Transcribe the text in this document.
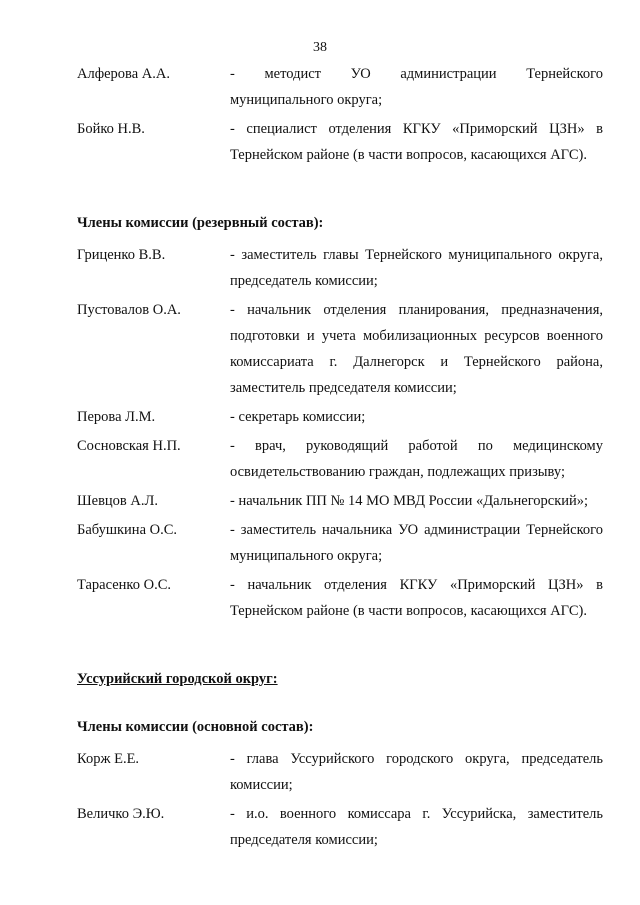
38
Алферова А.А.	- методист УО администрации Тернейского муниципального округа;
Бойко Н.В.	- специалист отделения КГКУ «Приморский ЦЗН» в Тернейском районе (в части вопросов, касающихся АГС).
Члены комиссии (резервный состав):
Гриценко В.В.	- заместитель главы Тернейского муниципального округа, председатель комиссии;
Пустовалов О.А.	- начальник отделения планирования, предназначения, подготовки и учета мобилизационных ресурсов военного комиссариата г. Далнегорск и Тернейского района, заместитель председателя комиссии;
Перова Л.М.	- секретарь комиссии;
Сосновская Н.П.	- врач, руководящий работой по медицинскому освидетельствованию граждан, подлежащих призыву;
Шевцов А.Л.	- начальник ПП № 14 МО МВД России «Дальнегорский»;
Бабушкина О.С.	- заместитель начальника УО администрации Тернейского муниципального округа;
Тарасенко О.С.	- начальник отделения КГКУ «Приморский ЦЗН» в Тернейском районе (в части вопросов, касающихся АГС).
Уссурийский городской округ:
Члены комиссии (основной состав):
Корж Е.Е.	- глава Уссурийского городского округа, председатель комиссии;
Величко Э.Ю.	- и.о. военного комиссара г. Уссурийска, заместитель председателя комиссии;
